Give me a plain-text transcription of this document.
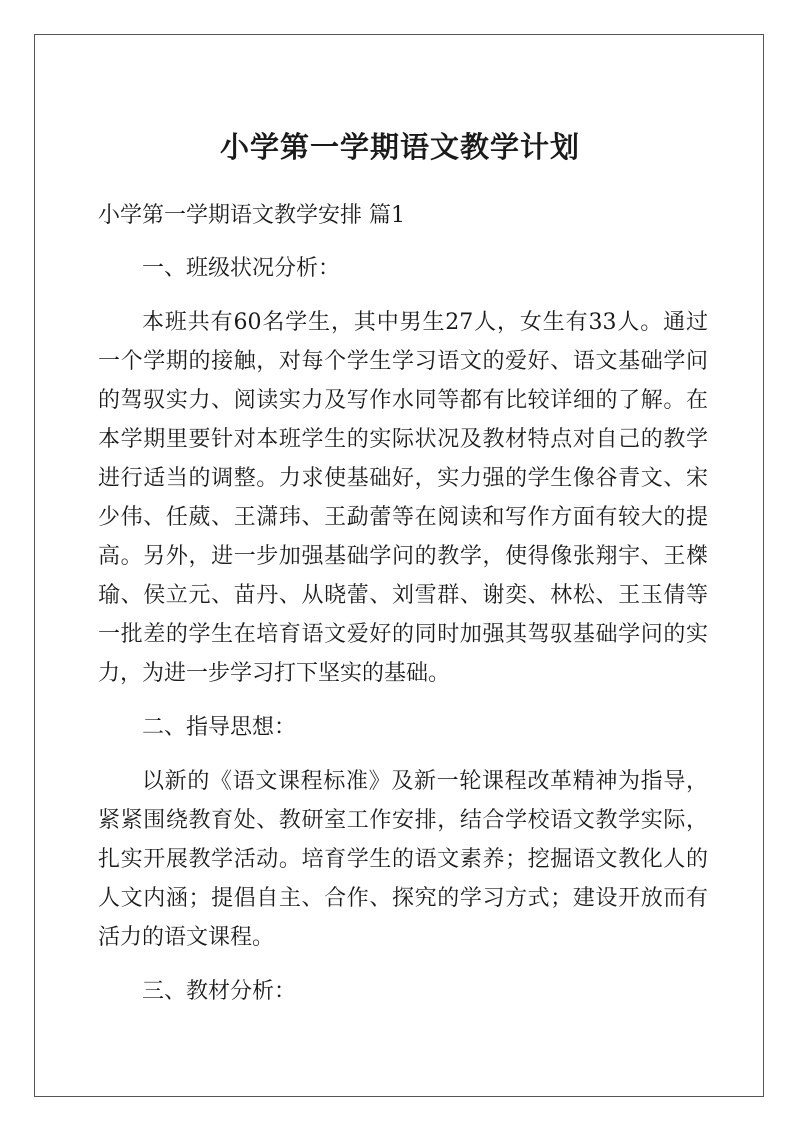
小学第一学期语文教学计划

小学第一学期语文教学安排 篇1

一、班级状况分析：

本班共有60名学生，其中男生27人，女生有33人。通过一个学期的接触，对每个学生学习语文的爱好、语文基础学问的驾驭实力、阅读实力及写作水同等都有比较详细的了解。在本学期里要针对本班学生的实际状况及教材特点对自己的教学进行适当的调整。力求使基础好，实力强的学生像谷青文、宋少伟、任葳、王潇玮、王勐蕾等在阅读和写作方面有较大的提高。另外，进一步加强基础学问的教学，使得像张翔宇、王榤瑜、侯立元、苗丹、从晓蕾、刘雪群、谢奕、林松、王玉倩等一批差的学生在培育语文爱好的同时加强其驾驭基础学问的实力，为进一步学习打下坚实的基础。

二、指导思想：

以新的《语文课程标准》及新一轮课程改革精神为指导，紧紧围绕教育处、教研室工作安排，结合学校语文教学实际，扎实开展教学活动。培育学生的语文素养；挖掘语文教化人的人文内涵；提倡自主、合作、探究的学习方式；建设开放而有活力的语文课程。

三、教材分析：
